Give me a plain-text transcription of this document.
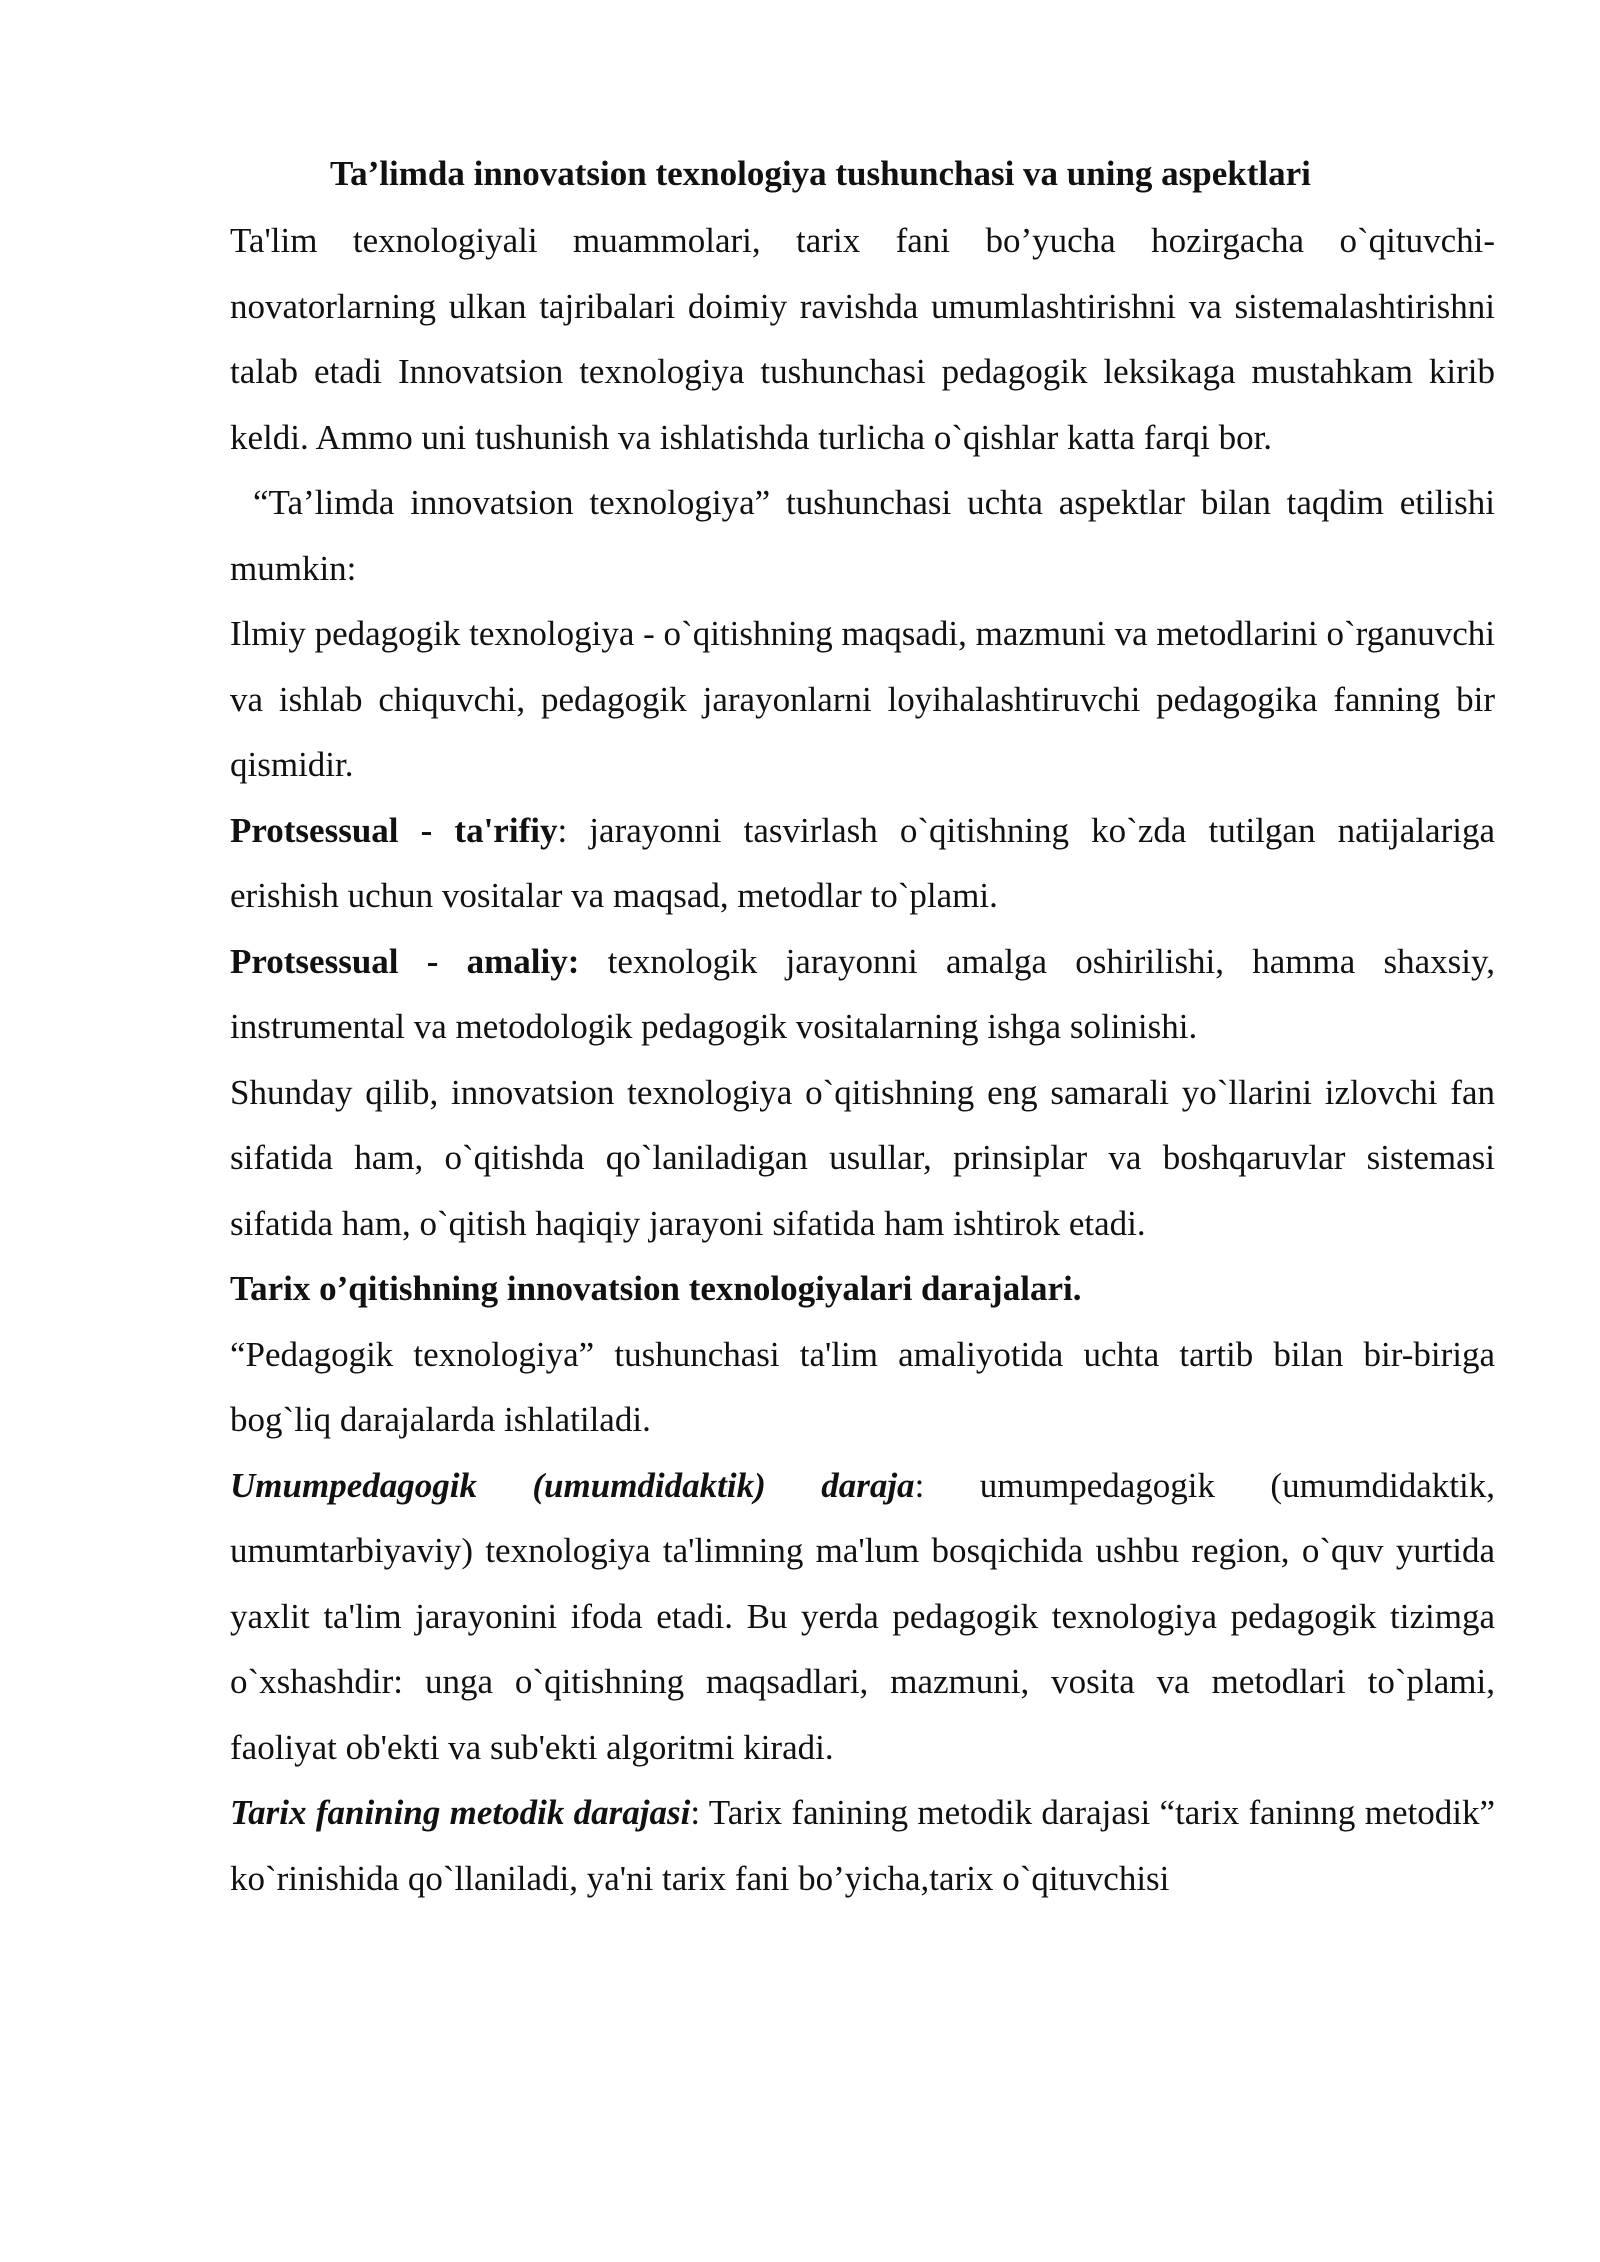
Ta’limda innovatsion texnologiya tushunchasi va uning aspektlari

Ta'lim texnologiyali muammolari, tarix fani bo’yucha hozirgacha o`qituvchi-novatorlarning ulkan tajribalari doimiy ravishda umumlashtirishni va sistemalashtirishni talab etadi Innovatsion texnologiya tushunchasi pedagogik leksikaga mustahkam kirib keldi. Ammo uni tushunish va ishlatishda turlicha o`qishlar katta farqi bor.

“Ta’limda innovatsion texnologiya” tushunchasi uchta aspektlar bilan taqdim etilishi mumkin:

Ilmiy pedagogik texnologiya - o`qitishning maqsadi, mazmuni va metodlarini o`rganuvchi va ishlab chiquvchi, pedagogik jarayonlarni loyihalashtiruvchi pedagogika fanning bir qismidir.

Protsessual - ta'rifiy: jarayonni tasvirlash o`qitishning ko`zda tutilgan natijalariga erishish uchun vositalar va maqsad, metodlar to`plami.

Protsessual - amaliy: texnologik jarayonni amalga oshirilishi, hamma shaxsiy, instrumental va metodologik pedagogik vositalarning ishga solinishi.

Shunday qilib, innovatsion texnologiya o`qitishning eng samarali yo`llarini izlovchi fan sifatida ham, o`qitishda qo`laniladigan usullar, prinsiplar va boshqaruvlar sistemasi sifatida ham, o`qitish haqiqiy jarayoni sifatida ham ishtirok etadi.

Tarix o’qitishning innovatsion texnologiyalari darajalari.

“Pedagogik texnologiya” tushunchasi ta'lim amaliyotida uchta tartib bilan bir-biriga bog`liq darajalarda ishlatiladi.

Umumpedagogik (umumdidaktik) daraja: umumpedagogik (umumdidaktik, umumtarbiyaviy) texnologiya ta'limning ma'lum bosqichida ushbu region, o`quv yurtida yaxlit ta'lim jarayonini ifoda etadi. Bu yerda pedagogik texnologiya pedagogik tizimga o`xshashdir: unga o`qitishning maqsadlari, mazmuni, vosita va metodlari to`plami, faoliyat ob'ekti va sub'ekti algoritmi kiradi.

Tarix fanining metodik darajasi: Tarix fanining metodik darajasi “tarix faninng metodik” ko`rinishida qo`llaniladi, ya'ni tarix fani bo’yicha,tarix o`qituvchisi
